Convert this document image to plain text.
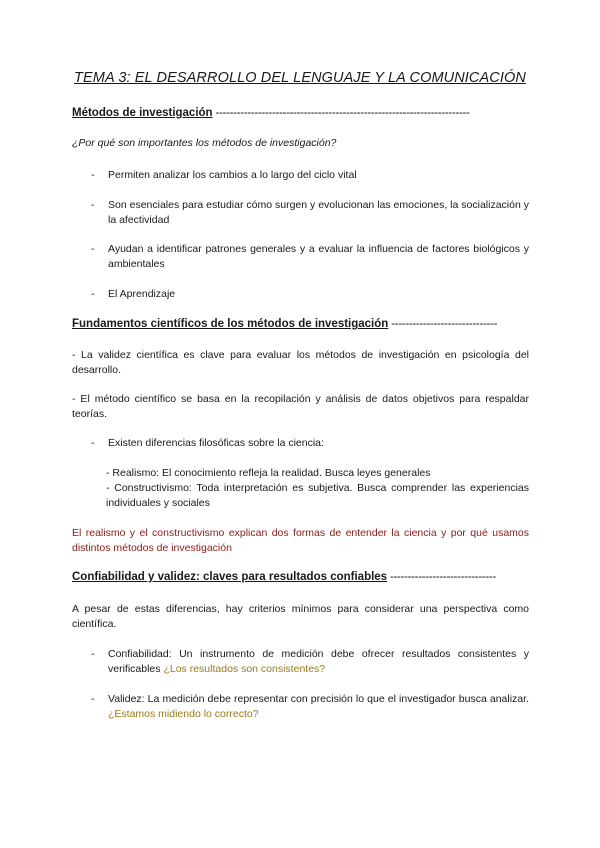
TEMA 3: EL DESARROLLO DEL LENGUAJE Y LA COMUNICACIÓN
Métodos de investigación ------------------------------------------------------------------------
¿Por qué son importantes los métodos de investigación?
- Permiten analizar los cambios a lo largo del ciclo vital
- Son esenciales para estudiar cómo surgen y evolucionan las emociones, la socialización y la afectividad
- Ayudan a identificar patrones generales y a evaluar la influencia de factores biológicos y ambientales
- El Aprendizaje
Fundamentos científicos de los métodos de investigación ------------------------------
- La validez científica es clave para evaluar los métodos de investigación en psicología del desarrollo.
- El método científico se basa en la recopilación y análisis de datos objetivos para respaldar teorías.
- Existen diferencias filosóficas sobre la ciencia:
- Realismo: El conocimiento refleja la realidad. Busca leyes generales
- Constructivismo: Toda interpretación es subjetiva. Busca comprender las experiencias individuales y sociales
El realismo y el constructivismo explican dos formas de entender la ciencia y por qué usamos distintos métodos de investigación
Confiabilidad y validez: claves para resultados confiables ------------------------------
A pesar de estas diferencias, hay criterios mínimos para considerar una perspectiva como científica.
- Confiabilidad: Un instrumento de medición debe ofrecer resultados consistentes y verificables ¿Los resultados son consistentes?
- Validez: La medición debe representar con precisión lo que el investigador busca analizar. ¿Estamos midiendo lo correcto?
